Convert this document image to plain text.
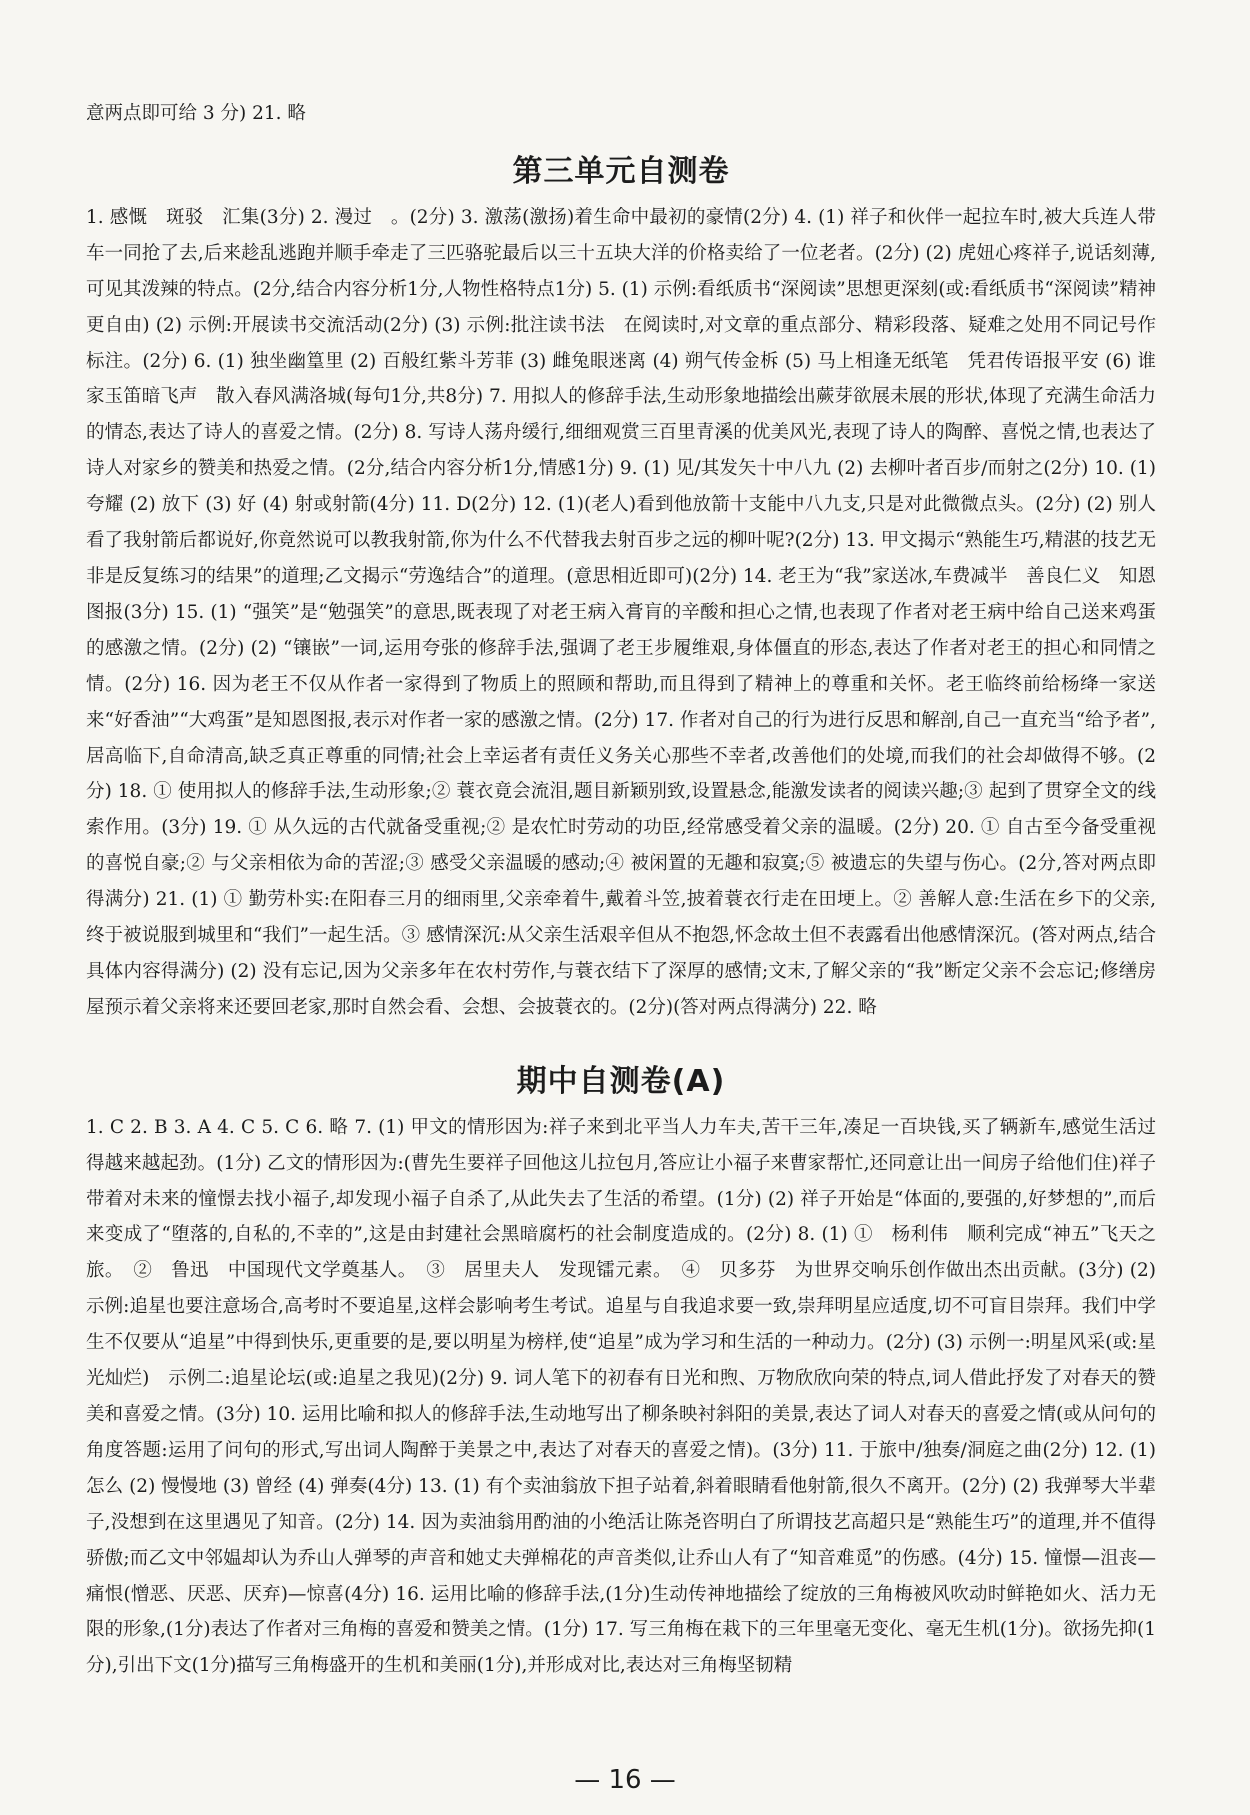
意两点即可给 3 分) 21. 略

第三单元自测卷

1. 感慨　斑驳　汇集(3分) 2. 漫过　。(2分) 3. 激荡(激扬)着生命中最初的豪情(2分) 4. (1) 祥子和伙伴一起拉车时,被大兵连人带车一同抢了去,后来趁乱逃跑并顺手牵走了三匹骆驼最后以三十五块大洋的价格卖给了一位老者。(2分) (2) 虎妞心疼祥子,说话刻薄,可见其泼辣的特点。(2分,结合内容分析1分,人物性格特点1分) 5. (1) 示例:看纸质书“深阅读”思想更深刻(或:看纸质书“深阅读”精神更自由) (2) 示例:开展读书交流活动(2分) (3) 示例:批注读书法　在阅读时,对文章的重点部分、精彩段落、疑难之处用不同记号作标注。(2分) 6. (1) 独坐幽篁里 (2) 百般红紫斗芳菲 (3) 雌兔眼迷离 (4) 朔气传金柝 (5) 马上相逢无纸笔　凭君传语报平安 (6) 谁家玉笛暗飞声　散入春风满洛城(每句1分,共8分) 7. 用拟人的修辞手法,生动形象地描绘出蕨芽欲展未展的形状,体现了充满生命活力的情态,表达了诗人的喜爱之情。(2分) 8. 写诗人荡舟缓行,细细观赏三百里青溪的优美风光,表现了诗人的陶醉、喜悦之情,也表达了诗人对家乡的赞美和热爱之情。(2分,结合内容分析1分,情感1分) 9. (1) 见/其发矢十中八九 (2) 去柳叶者百步/而射之(2分) 10. (1) 夸耀 (2) 放下 (3) 好 (4) 射或射箭(4分) 11. D(2分) 12. (1)(老人)看到他放箭十支能中八九支,只是对此微微点头。(2分) (2) 别人看了我射箭后都说好,你竟然说可以教我射箭,你为什么不代替我去射百步之远的柳叶呢?(2分) 13. 甲文揭示“熟能生巧,精湛的技艺无非是反复练习的结果”的道理;乙文揭示“劳逸结合”的道理。(意思相近即可)(2分) 14. 老王为“我”家送冰,车费减半　善良仁义　知恩图报(3分) 15. (1) “强笑”是“勉强笑”的意思,既表现了对老王病入膏肓的辛酸和担心之情,也表现了作者对老王病中给自己送来鸡蛋的感激之情。(2分) (2) “镶嵌”一词,运用夸张的修辞手法,强调了老王步履维艰,身体僵直的形态,表达了作者对老王的担心和同情之情。(2分) 16. 因为老王不仅从作者一家得到了物质上的照顾和帮助,而且得到了精神上的尊重和关怀。老王临终前给杨绛一家送来“好香油”“大鸡蛋”是知恩图报,表示对作者一家的感激之情。(2分) 17. 作者对自己的行为进行反思和解剖,自己一直充当“给予者”,居高临下,自命清高,缺乏真正尊重的同情;社会上幸运者有责任义务关心那些不幸者,改善他们的处境,而我们的社会却做得不够。(2分) 18. ① 使用拟人的修辞手法,生动形象;② 蓑衣竟会流泪,题目新颖别致,设置悬念,能激发读者的阅读兴趣;③ 起到了贯穿全文的线索作用。(3分) 19. ① 从久远的古代就备受重视;② 是农忙时劳动的功臣,经常感受着父亲的温暖。(2分) 20. ① 自古至今备受重视的喜悦自豪;② 与父亲相依为命的苦涩;③ 感受父亲温暖的感动;④ 被闲置的无趣和寂寞;⑤ 被遗忘的失望与伤心。(2分,答对两点即得满分) 21. (1) ① 勤劳朴实:在阳春三月的细雨里,父亲牵着牛,戴着斗笠,披着蓑衣行走在田埂上。② 善解人意:生活在乡下的父亲,终于被说服到城里和“我们”一起生活。③ 感情深沉:从父亲生活艰辛但从不抱怨,怀念故土但不表露看出他感情深沉。(答对两点,结合具体内容得满分) (2) 没有忘记,因为父亲多年在农村劳作,与蓑衣结下了深厚的感情;文末,了解父亲的“我”断定父亲不会忘记;修缮房屋预示着父亲将来还要回老家,那时自然会看、会想、会披蓑衣的。(2分)(答对两点得满分) 22. 略

期中自测卷(A)

1. C 2. B 3. A 4. C 5. C 6. 略 7. (1) 甲文的情形因为:祥子来到北平当人力车夫,苦干三年,凑足一百块钱,买了辆新车,感觉生活过得越来越起劲。(1分) 乙文的情形因为:(曹先生要祥子回他这儿拉包月,答应让小福子来曹家帮忙,还同意让出一间房子给他们住)祥子带着对未来的憧憬去找小福子,却发现小福子自杀了,从此失去了生活的希望。(1分) (2) 祥子开始是“体面的,要强的,好梦想的”,而后来变成了“堕落的,自私的,不幸的”,这是由封建社会黑暗腐朽的社会制度造成的。(2分) 8. (1) ①　杨利伟　顺利完成“神五”飞天之旅。　②　鲁迅　中国现代文学奠基人。　③　居里夫人　发现镭元素。　④　贝多芬　为世界交响乐创作做出杰出贡献。(3分) (2) 示例:追星也要注意场合,高考时不要追星,这样会影响考生考试。追星与自我追求要一致,崇拜明星应适度,切不可盲目崇拜。我们中学生不仅要从“追星”中得到快乐,更重要的是,要以明星为榜样,使“追星”成为学习和生活的一种动力。(2分) (3) 示例一:明星风采(或:星光灿烂)　示例二:追星论坛(或:追星之我见)(2分) 9. 词人笔下的初春有日光和煦、万物欣欣向荣的特点,词人借此抒发了对春天的赞美和喜爱之情。(3分) 10. 运用比喻和拟人的修辞手法,生动地写出了柳条映衬斜阳的美景,表达了词人对春天的喜爱之情(或从问句的角度答题:运用了问句的形式,写出词人陶醉于美景之中,表达了对春天的喜爱之情)。(3分) 11. 于旅中/独奏/洞庭之曲(2分) 12. (1) 怎么 (2) 慢慢地 (3) 曾经 (4) 弹奏(4分) 13. (1) 有个卖油翁放下担子站着,斜着眼睛看他射箭,很久不离开。(2分) (2) 我弹琴大半辈子,没想到在这里遇见了知音。(2分) 14. 因为卖油翁用酌油的小绝活让陈尧咨明白了所谓技艺高超只是“熟能生巧”的道理,并不值得骄傲;而乙文中邻媪却认为乔山人弹琴的声音和她丈夫弹棉花的声音类似,让乔山人有了“知音难觅”的伤感。(4分) 15. 憧憬—沮丧—痛恨(憎恶、厌恶、厌弃)—惊喜(4分) 16. 运用比喻的修辞手法,(1分)生动传神地描绘了绽放的三角梅被风吹动时鲜艳如火、活力无限的形象,(1分)表达了作者对三角梅的喜爱和赞美之情。(1分) 17. 写三角梅在栽下的三年里毫无变化、毫无生机(1分)。欲扬先抑(1分),引出下文(1分)描写三角梅盛开的生机和美丽(1分),并形成对比,表达对三角梅坚韧精

— 16 —
